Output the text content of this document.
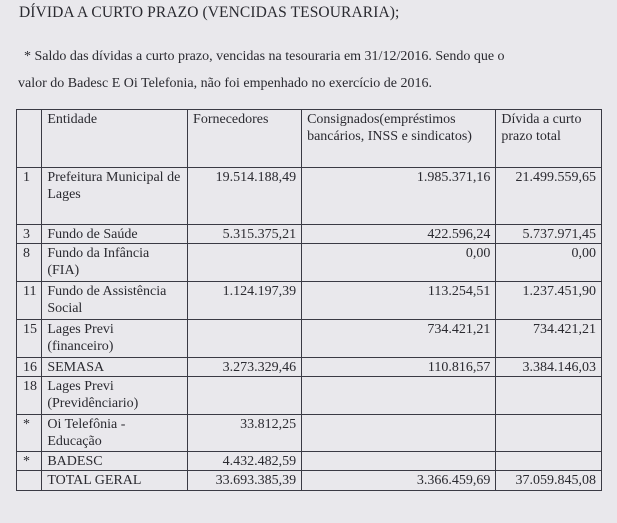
DÍVIDA A CURTO PRAZO (VENCIDAS TESOURARIA);
* Saldo das dívidas a curto prazo, vencidas na tesouraria em 31/12/2016. Sendo que o
valor do Badesc E Oi Telefonia, não foi empenhado no exercício de 2016.
	Entidade	Fornecedores	Consignados(empréstimos bancários, INSS e sindicatos)	Dívida a curto prazo total
1	Prefeitura Municipal de Lages	19.514.188,49	1.985.371,16	21.499.559,65
3	Fundo de Saúde	5.315.375,21	422.596,24	5.737.971,45
8	Fundo da Infância (FIA)		0,00	0,00
11	Fundo de Assistência Social	1.124.197,39	113.254,51	1.237.451,90
15	Lages Previ (financeiro)		734.421,21	734.421,21
16	SEMASA	3.273.329,46	110.816,57	3.384.146,03
18	Lages Previ (Previdênciario)			
*	Oi Telefônia - Educação	33.812,25		
*	BADESC	4.432.482,59		
	TOTAL GERAL	33.693.385,39	3.366.459,69	37.059.845,08
